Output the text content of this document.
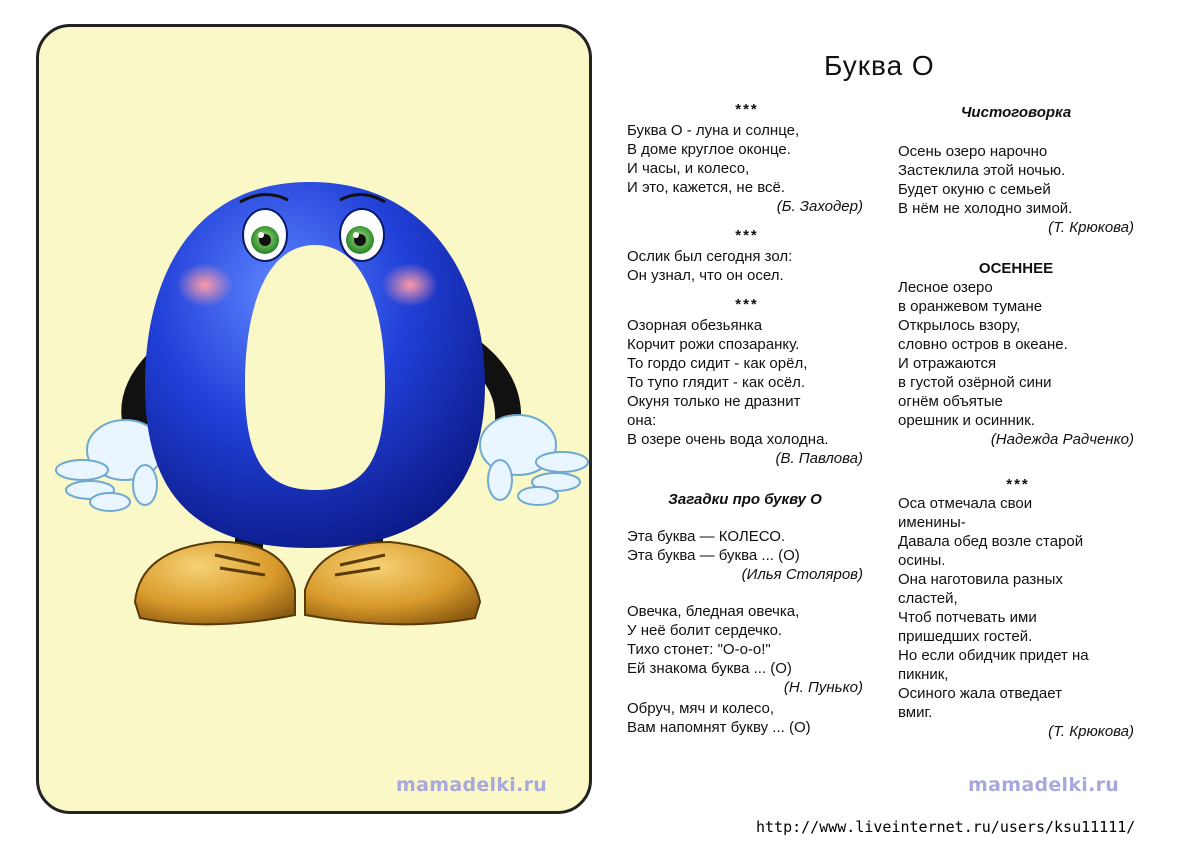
mamadelki.ru	mamadelki.ru
Буква О
***
Буква О - луна и солнце,
В доме круглое оконце.
И часы, и колесо,
И это, кажется, не всё.
(Б. Заходер)
***
Ослик был сегодня зол:
Он узнал, что он осел.
***
Озорная обезьянка
Корчит рожи спозаранку.
То гордо сидит - как орёл,
То тупо глядит - как осёл.
Окуня только не дразнит
она:
В озере очень вода холодна.
(В. Павлова)
Загадки про букву О
Эта буква — КОЛЕСО.
Эта буква — буква ... (О)
(Илья Столяров)
Овечка, бледная овечка,
У неё болит сердечко.
Тихо стонет: "О-о-о!"
Ей знакома буква ... (О)
(Н. Пунько)
Обруч, мяч и колесо,
Вам напомнят букву ... (О)
Чистоговорка
Осень озеро нарочно
Застеклила этой ночью.
Будет окуню с семьей
В нём не холодно зимой.
(Т. Крюкова)
ОСЕННЕЕ
Лесное озеро
в оранжевом тумане
Открылось взору,
словно остров в океане.
И отражаются
в густой озёрной сини
огнём объятые
орешник и осинник.
(Надежда Радченко)
***
Оса отмечала свои
именины-
Давала обед возле старой
осины.
Она наготовила разных
сластей,
Чтоб потчевать ими
пришедших гостей.
Но если обидчик придет на
пикник,
Осиного жала отведает
вмиг.
(Т. Крюкова)
http://www.liveinternet.ru/users/ksu11111/
